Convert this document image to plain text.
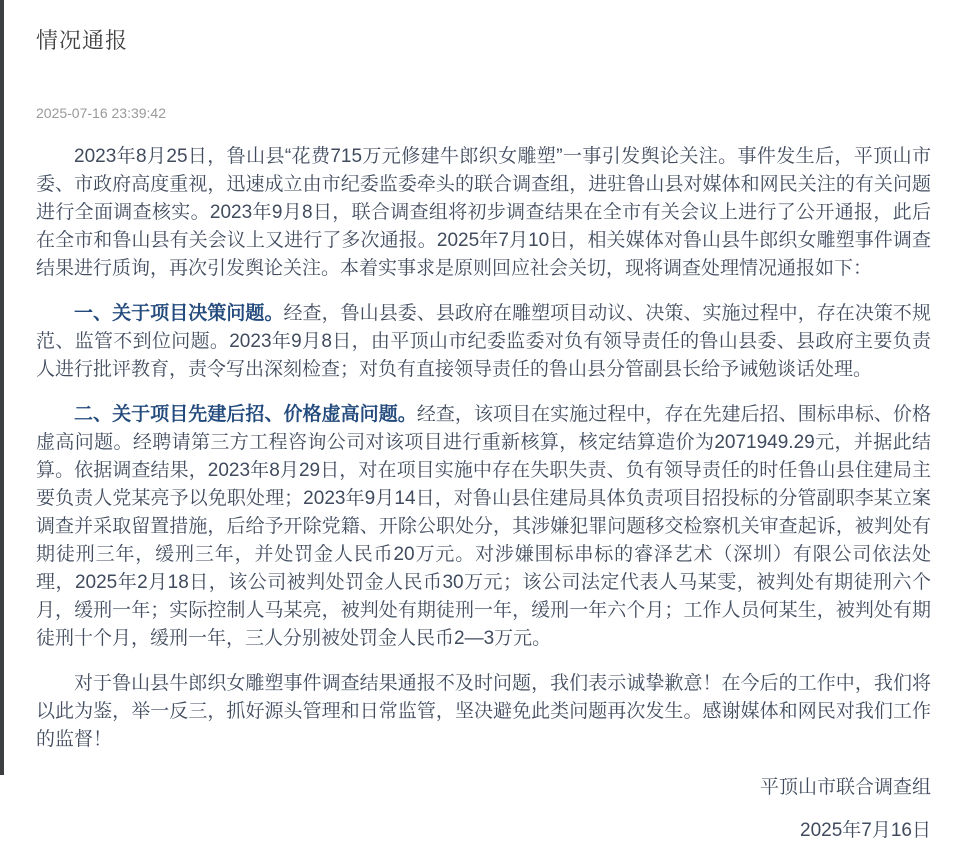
情况通报
2025-07-16 23:39:42

2023年8月25日，鲁山县“花费715万元修建牛郎织女雕塑”一事引发舆论关注。事件发生后，平顶山市委、市政府高度重视，迅速成立由市纪委监委牵头的联合调查组，进驻鲁山县对媒体和网民关注的有关问题进行全面调查核实。2023年9月8日，联合调查组将初步调查结果在全市有关会议上进行了公开通报，此后在全市和鲁山县有关会议上又进行了多次通报。2025年7月10日，相关媒体对鲁山县牛郎织女雕塑事件调查结果进行质询，再次引发舆论关注。本着实事求是原则回应社会关切，现将调查处理情况通报如下：

一、关于项目决策问题。经查，鲁山县委、县政府在雕塑项目动议、决策、实施过程中，存在决策不规范、监管不到位问题。2023年9月8日，由平顶山市纪委监委对负有领导责任的鲁山县委、县政府主要负责人进行批评教育，责令写出深刻检查；对负有直接领导责任的鲁山县分管副县长给予诫勉谈话处理。

二、关于项目先建后招、价格虚高问题。经查，该项目在实施过程中，存在先建后招、围标串标、价格虚高问题。经聘请第三方工程咨询公司对该项目进行重新核算，核定结算造价为2071949.29元，并据此结算。依据调查结果，2023年8月29日，对在项目实施中存在失职失责、负有领导责任的时任鲁山县住建局主要负责人党某亮予以免职处理；2023年9月14日，对鲁山县住建局具体负责项目招投标的分管副职李某立案调查并采取留置措施，后给予开除党籍、开除公职处分，其涉嫌犯罪问题移交检察机关审查起诉，被判处有期徒刑三年，缓刑三年，并处罚金人民币20万元。对涉嫌围标串标的睿泽艺术（深圳）有限公司依法处理，2025年2月18日，该公司被判处罚金人民币30万元；该公司法定代表人马某雯，被判处有期徒刑六个月，缓刑一年；实际控制人马某亮，被判处有期徒刑一年，缓刑一年六个月；工作人员何某生，被判处有期徒刑十个月，缓刑一年，三人分别被处罚金人民币2—3万元。

对于鲁山县牛郎织女雕塑事件调查结果通报不及时问题，我们表示诚挚歉意！在今后的工作中，我们将以此为鉴，举一反三，抓好源头管理和日常监管，坚决避免此类问题再次发生。感谢媒体和网民对我们工作的监督！

平顶山市联合调查组
2025年7月16日
